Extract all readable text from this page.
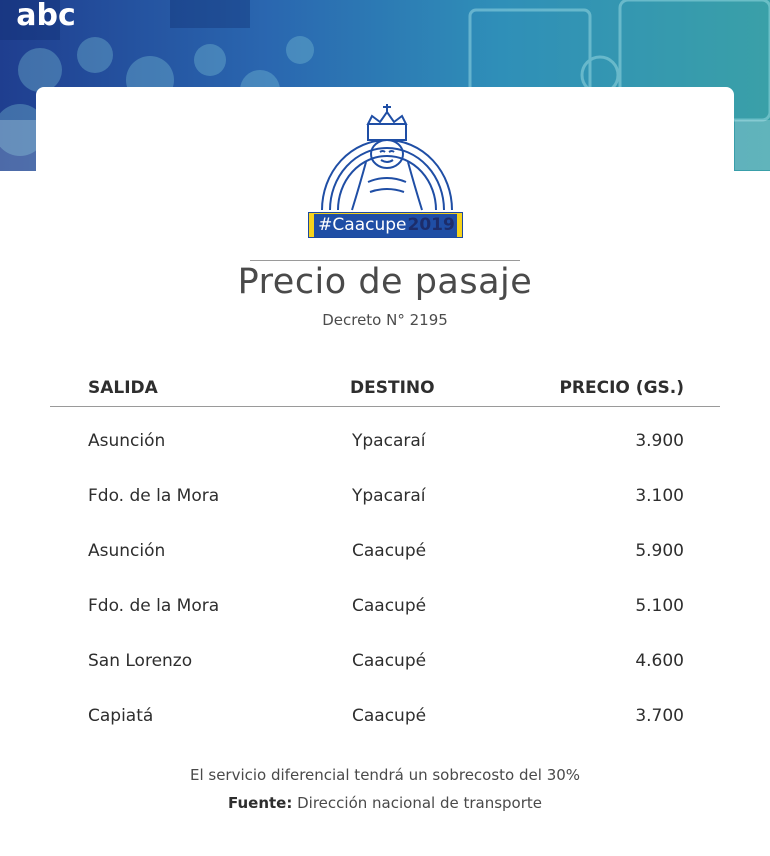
abc
#Caacupe2019
Precio de pasaje
Decreto N° 2195
SALIDA	DESTINO	PRECIO (GS.)
Asunción	Ypacaraí	3.900
Fdo. de la Mora	Ypacaraí	3.100
Asunción	Caacupé	5.900
Fdo. de la Mora	Caacupé	5.100
San Lorenzo	Caacupé	4.600
Capiatá	Caacupé	3.700
El servicio diferencial tendrá un sobrecosto del 30%
Fuente: Dirección nacional de transporte
